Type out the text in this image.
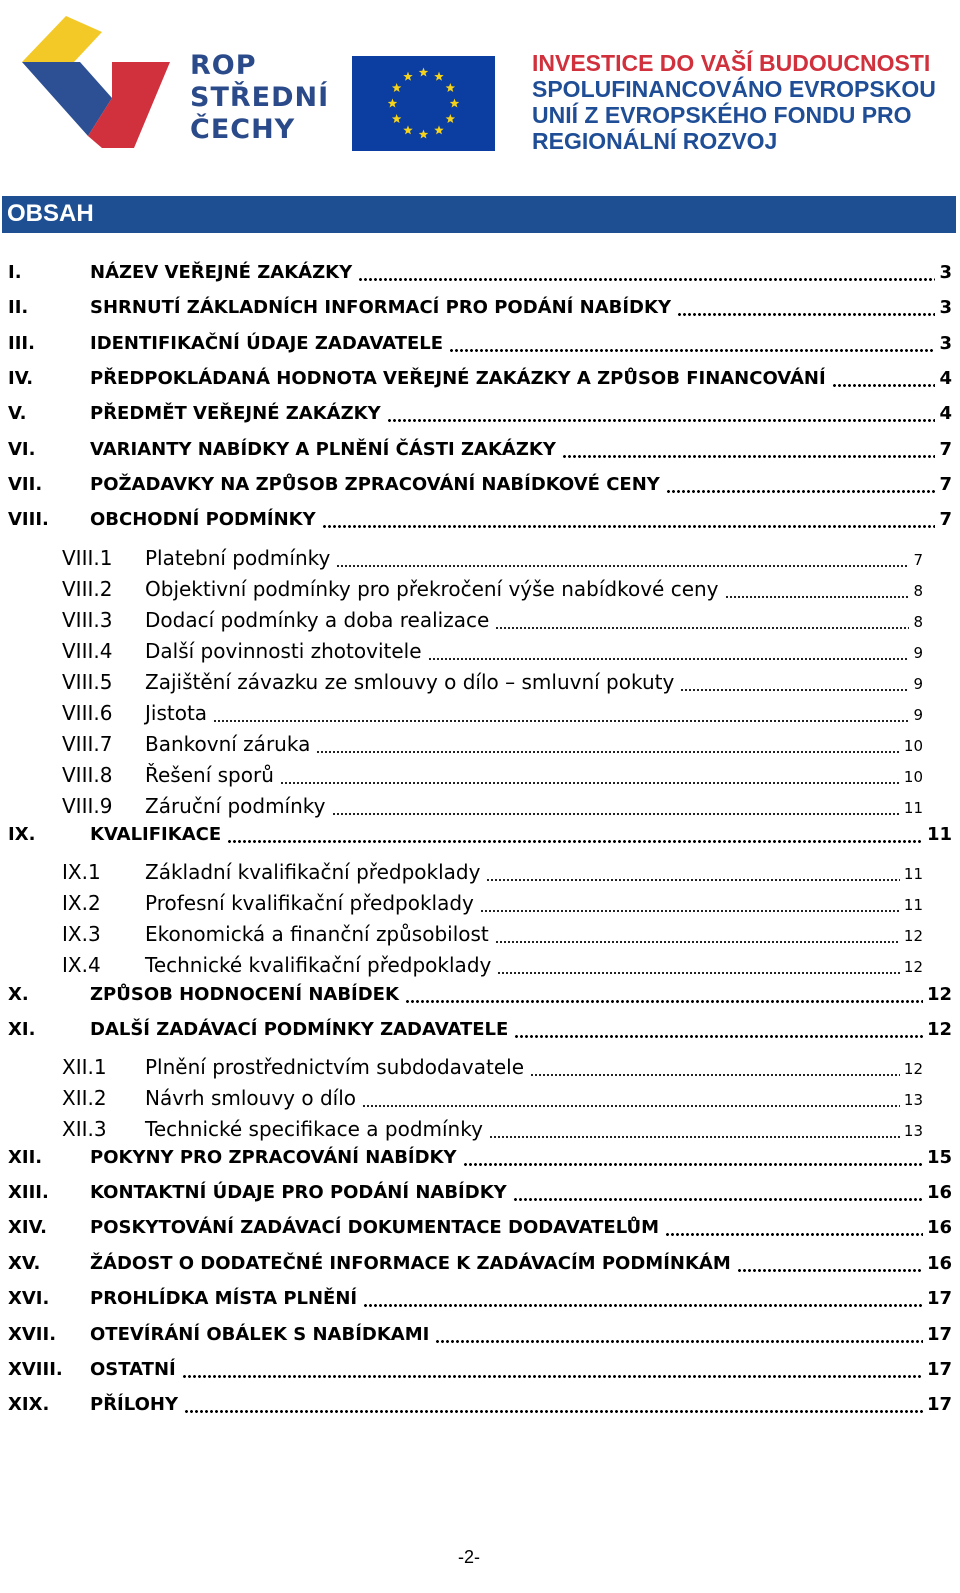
ROP
STŘEDNÍ
ČECHY
INVESTICE DO VAŠÍ BUDOUCNOSTI
SPOLUFINANCOVÁNO EVROPSKOU
UNIÍ Z EVROPSKÉHO FONDU PRO
REGIONÁLNÍ ROZVOJ
OBSAH
I.	NÁZEV VEŘEJNÉ ZAKÁZKY	3
II.	SHRNUTÍ ZÁKLADNÍCH INFORMACÍ PRO PODÁNÍ NABÍDKY	3
III.	IDENTIFIKAČNÍ ÚDAJE ZADAVATELE	3
IV.	PŘEDPOKLÁDANÁ HODNOTA VEŘEJNÉ ZAKÁZKY A ZPŮSOB FINANCOVÁNÍ	4
V.	PŘEDMĚT VEŘEJNÉ ZAKÁZKY	4
VI.	VARIANTY NABÍDKY A PLNĚNÍ ČÁSTI ZAKÁZKY	7
VII.	POŽADAVKY NA ZPŮSOB ZPRACOVÁNÍ NABÍDKOVÉ CENY	7
VIII. OBCHODNÍ PODMÍNKY	7
VIII.1 Platební podmínky	7
VIII.2 Objektivní podmínky pro překročení výše nabídkové ceny	8
VIII.3 Dodací podmínky a doba realizace	8
VIII.4 Další povinnosti zhotovitele	9
VIII.5 Zajištění závazku ze smlouvy o dílo – smluvní pokuty	9
VIII.6 Jistota	9
VIII.7 Bankovní záruka	10
VIII.8 Řešení sporů	10
VIII.9 Záruční podmínky	11
IX.	KVALIFIKACE	11
IX.1 Základní kvalifikační předpoklady	11
IX.2 Profesní kvalifikační předpoklady	11
IX.3 Ekonomická a finanční způsobilost	12
IX.4 Technické kvalifikační předpoklady	12
X.	ZPŮSOB HODNOCENÍ NABÍDEK	12
XI.	DALŠÍ ZADÁVACÍ PODMÍNKY ZADAVATELE	12
XII.1 Plnění prostřednictvím subdodavatele	12
XII.2 Návrh smlouvy o dílo	13
XII.3 Technické specifikace a podmínky	13
XII.	POKYNY PRO ZPRACOVÁNÍ NABÍDKY	15
XIII. KONTAKTNÍ ÚDAJE PRO PODÁNÍ NABÍDKY	16
XIV. POSKYTOVÁNÍ ZADÁVACÍ DOKUMENTACE DODAVATELŮM	16
XV.	ŽÁDOST O DODATEČNÉ INFORMACE K ZADÁVACÍM PODMÍNKÁM	16
XVI. PROHLÍDKA MÍSTA PLNĚNÍ	17
XVII. OTEVÍRÁNÍ OBÁLEK S NABÍDKAMI	17
XVIII. OSTATNÍ	17
XIX. PŘÍLOHY	17
-2-
